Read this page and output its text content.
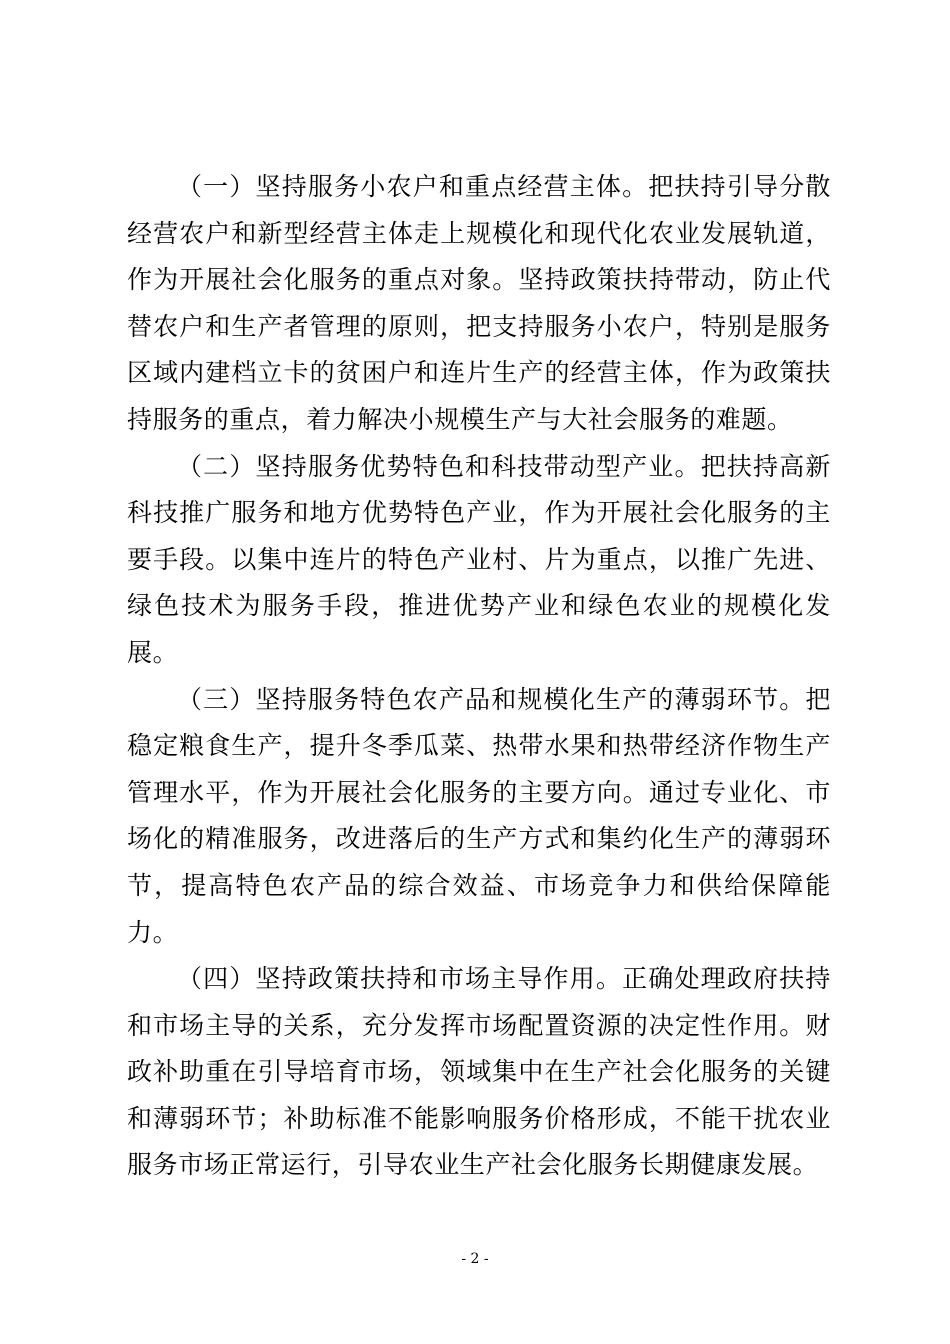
（一）坚持服务小农户和重点经营主体。把扶持引导分散经营农户和新型经营主体走上规模化和现代化农业发展轨道，作为开展社会化服务的重点对象。坚持政策扶持带动，防止代替农户和生产者管理的原则，把支持服务小农户，特别是服务区域内建档立卡的贫困户和连片生产的经营主体，作为政策扶持服务的重点，着力解决小规模生产与大社会服务的难题。

（二）坚持服务优势特色和科技带动型产业。把扶持高新科技推广服务和地方优势特色产业，作为开展社会化服务的主要手段。以集中连片的特色产业村、片为重点，以推广先进、绿色技术为服务手段，推进优势产业和绿色农业的规模化发展。

（三）坚持服务特色农产品和规模化生产的薄弱环节。把稳定粮食生产，提升冬季瓜菜、热带水果和热带经济作物生产管理水平，作为开展社会化服务的主要方向。通过专业化、市场化的精准服务，改进落后的生产方式和集约化生产的薄弱环节，提高特色农产品的综合效益、市场竞争力和供给保障能力。

（四）坚持政策扶持和市场主导作用。正确处理政府扶持和市场主导的关系，充分发挥市场配置资源的决定性作用。财政补助重在引导培育市场，领域集中在生产社会化服务的关键和薄弱环节；补助标准不能影响服务价格形成，不能干扰农业服务市场正常运行，引导农业生产社会化服务长期健康发展。

- 2 -
